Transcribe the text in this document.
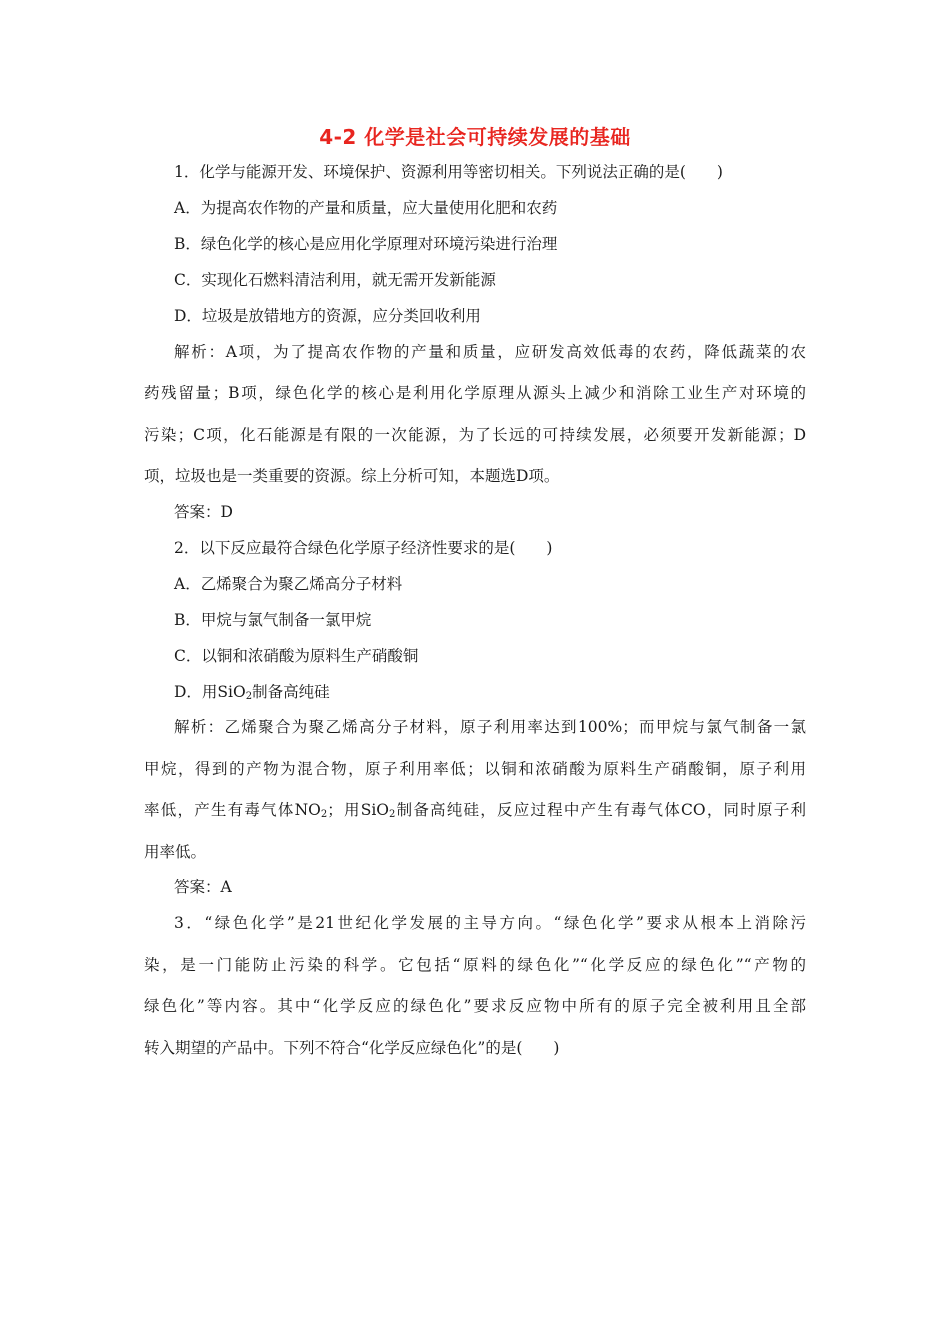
4-2 化学是社会可持续发展的基础
1．化学与能源开发、环境保护、资源利用等密切相关。下列说法正确的是(　　)
A．为提高农作物的产量和质量，应大量使用化肥和农药
B．绿色化学的核心是应用化学原理对环境污染进行治理
C．实现化石燃料清洁利用，就无需开发新能源
D．垃圾是放错地方的资源，应分类回收利用
解析：A项，为了提高农作物的产量和质量，应研发高效低毒的农药，降低蔬菜的农
药残留量；B项，绿色化学的核心是利用化学原理从源头上减少和消除工业生产对环境的
污染；C项，化石能源是有限的一次能源，为了长远的可持续发展，必须要开发新能源；D
项，垃圾也是一类重要的资源。综上分析可知，本题选D项。
答案：D
2．以下反应最符合绿色化学原子经济性要求的是(　　)
A．乙烯聚合为聚乙烯高分子材料
B．甲烷与氯气制备一氯甲烷
C．以铜和浓硝酸为原料生产硝酸铜
D．用SiO$_2$制备高纯硅
解析：乙烯聚合为聚乙烯高分子材料，原子利用率达到100%；而甲烷与氯气制备一氯
甲烷，得到的产物为混合物，原子利用率低；以铜和浓硝酸为原料生产硝酸铜，原子利用
率低，产生有毒气体$NO_2$；用SiO$_2$制备高纯硅，反应过程中产生有毒气体CO，同时原子利
用率低。
答案：A
3．“绿色化学”是21世纪化学发展的主导方向。“绿色化学”要求从根本上消除污
染，是一门能防止污染的科学。它包括“原料的绿色化”“化学反应的绿色化”“产物的
绿色化”等内容。其中“化学反应的绿色化”要求反应物中所有的原子完全被利用且全部
转入期望的产品中。下列不符合“化学反应绿色化”的是(　　)
